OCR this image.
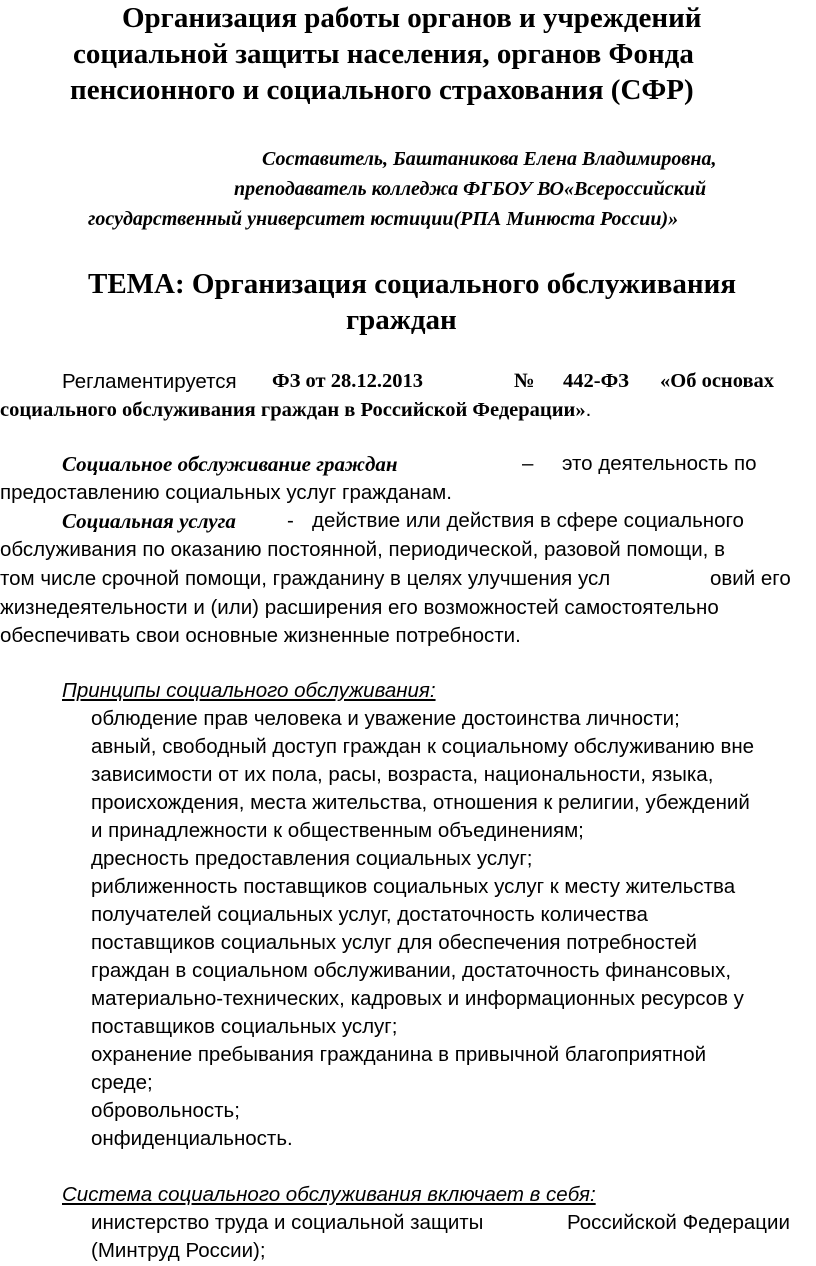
Организация работы органов и учреждений
социальной защиты населения, органов Фонда
пенсионного и социального страхования (СФР)
Составитель, Баштаникова Елена Владимировна,
преподаватель колледжа ФГБОУ ВО«Всероссийский
государственный университет юстиции(РПА Минюста России)»
ТЕМА: Организация социального обслуживания
граждан
Регламентируется ФЗ от 28.12.2013	№ 442-ФЗ «Об основах
социального обслуживания граждан в Российской Федерации».
Социальное обслуживание граждан	– это деятельность по
предоставлению социальных услуг гражданам.
Социальная услуга - действие или действия в сфере социального
обслуживания по оказанию постоянной, периодической, разовой помощи, в
том числе срочной помощи, гражданину в целях улучшения усл	овий его
жизнедеятельности и (или) расширения его возможностей самостоятельно
обеспечивать свои основные жизненные потребности.
Принципы социального обслуживания:
облюдение прав человека и уважение достоинства личности;
авный, свободный доступ граждан к социальному обслуживанию вне
зависимости от их пола, расы, возраста, национальности, языка,
происхождения, места жительства, отношения к религии, убеждений
и принадлежности к общественным объединениям;
дресность предоставления социальных услуг;
риближенность поставщиков социальных услуг к месту жительства
получателей социальных услуг, достаточность количества
поставщиков социальных услуг для обеспечения потребностей
граждан в социальном обслуживании, достаточность финансовых,
материально-технических, кадровых и информационных ресурсов у
поставщиков социальных услуг;
охранение пребывания гражданина в привычной благоприятной
среде;
обровольность;
онфиденциальность.
Система социального обслуживания включает в себя:
инистерство труда и социальной защиты	Российской Федерации
(Минтруд России);
